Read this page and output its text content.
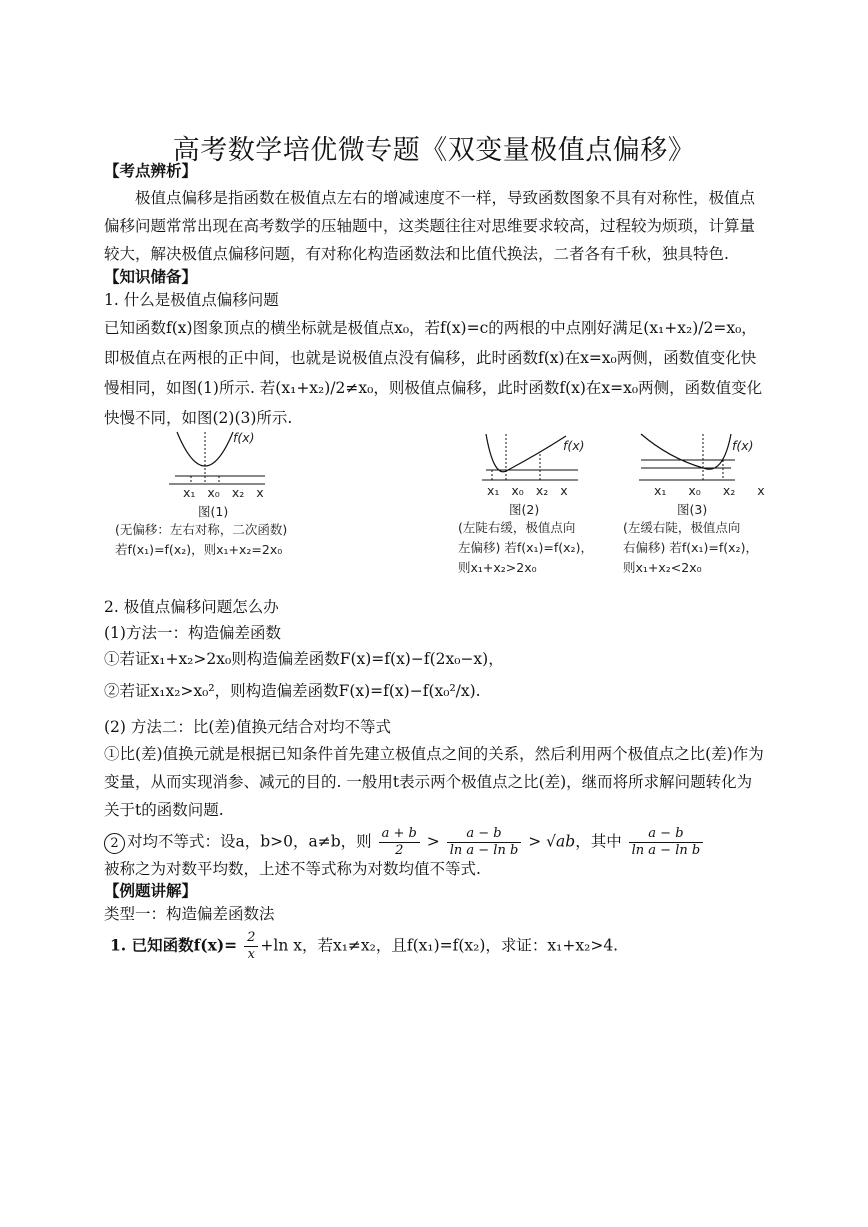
高考数学培优微专题《双变量极值点偏移》
【考点辨析】

极值点偏移是指函数在极值点左右的增减速度不一样，导致函数图象不具有对称性，极值点偏移问题常常出现在高考数学的压轴题中，这类题往往对思维要求较高，过程较为烦琐，计算量较大，解决极值点偏移问题，有对称化构造函数法和比值代换法，二者各有千秋，独具特色.

【知识储备】
1. 什么是极值点偏移问题

已知函数f(x)图象顶点的横坐标就是极值点x₀，若f(x)=c的两根的中点刚好满足(x₁+x₂)/2=x₀，即极值点在两根的正中间，也就是说极值点没有偏移，此时函数f(x)在x=x₀两侧，函数值变化快慢相同，如图(1)所示. 若(x₁+x₂)/2≠x₀，则极值点偏移，此时函数f(x)在x=x₀两侧，函数值变化快慢不同，如图(2)(3)所示.

f(x)
x₁ x₀ x₂ x
图(1)
(无偏移：左右对称，二次函数)
若f(x₁)=f(x₂)，则x₁+x₂=2x₀
f(x)
x₁ x₀ x₂ x
图(2)
(左陡右缓，极值点向
左偏移) 若f(x₁)=f(x₂)，
则x₁+x₂>2x₀
f(x)
x₁ x₀ x₂ x
图(3)
(左缓右陡，极值点向
右偏移) 若f(x₁)=f(x₂)，
则x₁+x₂<2x₀
2. 极值点偏移问题怎么办
(1)方法一：构造偏差函数
①若证x₁+x₂>2x₀则构造偏差函数F(x)=f(x)−f(2x₀−x)，
②若证x₁x₂>x₀²，则构造偏差函数F(x)=f(x)−f(x₀²/x).
(2) 方法二：比(差)值换元结合对均不等式

①比(差)值换元就是根据已知条件首先建立极值点之间的关系，然后利用两个极值点之比(差)作为变量，从而实现消参、减元的目的. 一般用t表示两个极值点之比(差)，继而将所求解问题转化为关于t的函数问题.

2 对均不等式：设a，b>0，a≠b，则 $\frac{a + b}{2} > \frac{a - b}{\text{ln a − ln b}} > √ab$，其中 $\frac{a - b}{\text{ln a − ln b}}$
被称之为对数平均数，上述不等式称为对数均值不等式.
【例题讲解】
类型一：构造偏差函数法
1. 已知函数$f(x)= \frac{2}{x} +\ln$ x，若x₁≠x₂，且f(x₁)=f(x₂)，求证：x₁+x₂>4.
